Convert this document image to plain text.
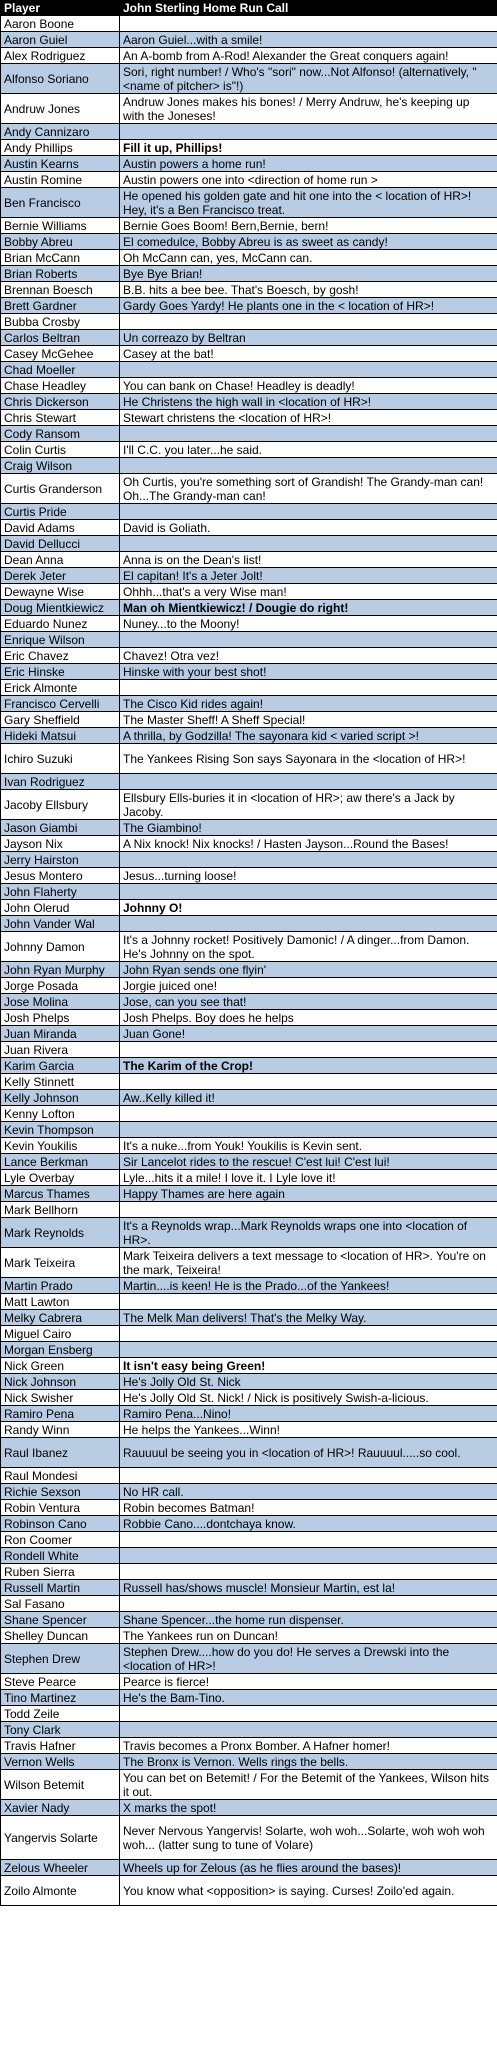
Player	John Sterling Home Run Call
Aaron Boone	
Aaron Guiel	Aaron Guiel...with a smile!
Alex Rodriguez	An A-bomb from A-Rod! Alexander the Great conquers again!
Alfonso Soriano	Sori, right number! / Who's "sori" now...Not Alfonso! (alternatively, "<name of pitcher> is"!)
Andruw Jones	Andruw Jones makes his bones! / Merry Andruw, he's keeping up with the Joneses!
Andy Cannizaro	
Andy Phillips	Fill it up, Phillips!
Austin Kearns	Austin powers a home run!
Austin Romine	Austin powers one into <direction of home run >
Ben Francisco	He opened his golden gate and hit one into the < location of HR>! Hey, it's a Ben Francisco treat.
Bernie Williams	Bernie Goes Boom! Bern,Bernie, bern!
Bobby Abreu	El comedulce, Bobby Abreu is as sweet as candy!
Brian McCann	Oh McCann can, yes, McCann can.
Brian Roberts	Bye Bye Brian!
Brennan Boesch	B.B. hits a bee bee. That's Boesch, by gosh!
Brett Gardner	Gardy Goes Yardy! He plants one in the < location of HR>!
Bubba Crosby	
Carlos Beltran	Un correazo by Beltran
Casey McGehee	Casey at the bat!
Chad Moeller	
Chase Headley	You can bank on Chase! Headley is deadly!
Chris Dickerson	He Christens the high wall in <location of HR>!
Chris Stewart	Stewart christens the <location of HR>!
Cody Ransom	
Colin Curtis	I'll C.C. you later...he said.
Craig Wilson	
Curtis Granderson	Oh Curtis, you're something sort of Grandish! The Grandy-man can! Oh...The Grandy-man can!
Curtis Pride	
David Adams	David is Goliath.
David Dellucci	
Dean Anna	Anna is on the Dean's list!
Derek Jeter	El capitan! It's a Jeter Jolt!
Dewayne Wise	Ohhh...that's a very Wise man!
Doug Mientkiewicz	Man oh Mientkiewicz! / Dougie do right!
Eduardo Nunez	Nuney...to the Moony!
Enrique Wilson	
Eric Chavez	Chavez! Otra vez!
Eric Hinske	Hinske with your best shot!
Erick Almonte	
Francisco Cervelli	The Cisco Kid rides again!
Gary Sheffield	The Master Sheff! A Sheff Special!
Hideki Matsui	A thrilla, by Godzilla! The sayonara kid < varied script >!
Ichiro Suzuki	The Yankees Rising Son says Sayonara in the <location of HR>!
Ivan Rodriguez	
Jacoby Ellsbury	Ellsbury Ells-buries it in <location of HR>; aw there's a Jack by Jacoby.
Jason Giambi	The Giambino!
Jayson Nix	A Nix knock! Nix knocks! / Hasten Jayson...Round the Bases!
Jerry Hairston	
Jesus Montero	Jesus...turning loose!
John Flaherty	
John Olerud	Johnny O!
John Vander Wal	
Johnny Damon	It's a Johnny rocket! Positively Damonic! / A dinger...from Damon. He's Johnny on the spot.
John Ryan Murphy	John Ryan sends one flyin'
Jorge Posada	Jorgie juiced one!
Jose Molina	Jose, can you see that!
Josh Phelps	Josh Phelps. Boy does he helps
Juan Miranda	Juan Gone!
Juan Rivera	
Karim Garcia	The Karim of the Crop!
Kelly Stinnett	
Kelly Johnson	Aw..Kelly killed it!
Kenny Lofton	
Kevin Thompson	
Kevin Youkilis	It's a nuke...from Youk! Youkilis is Kevin sent.
Lance Berkman	Sir Lancelot rides to the rescue! C'est lui! C'est lui!
Lyle Overbay	Lyle...hits it a mile! I love it. I Lyle love it!
Marcus Thames	Happy Thames are here again
Mark Bellhorn	
Mark Reynolds	It's a Reynolds wrap...Mark Reynolds wraps one into <location of HR>.
Mark Teixeira	Mark Teixeira delivers a text message to <location of HR>. You're on the mark, Teixeira!
Martin Prado	Martin....is keen! He is the Prado...of the Yankees!
Matt Lawton	
Melky Cabrera	The Melk Man delivers! That's the Melky Way.
Miguel Cairo	
Morgan Ensberg	
Nick Green	It isn't easy being Green!
Nick Johnson	He's Jolly Old St. Nick
Nick Swisher	He's Jolly Old St. Nick! / Nick is positively Swish-a-licious.
Ramiro Pena	Ramiro Pena...Nino!
Randy Winn	He helps the Yankees...Winn!
Raul Ibanez	Rauuuul be seeing you in <location of HR>! Rauuuul.....so cool.
Raul Mondesi	
Richie Sexson	No HR call.
Robin Ventura	Robin becomes Batman!
Robinson Cano	Robbie Cano....dontchaya know.
Ron Coomer	
Rondell White	
Ruben Sierra	
Russell Martin	Russell has/shows muscle! Monsieur Martin, est la!
Sal Fasano	
Shane Spencer	Shane Spencer...the home run dispenser.
Shelley Duncan	The Yankees run on Duncan!
Stephen Drew	Stephen Drew....how do you do! He serves a Drewski into the <location of HR>!
Steve Pearce	Pearce is fierce!
Tino Martinez	He's the Bam-Tino.
Todd Zeile	
Tony Clark	
Travis Hafner	Travis becomes a Pronx Bomber. A Hafner homer!
Vernon Wells	The Bronx is Vernon. Wells rings the bells.
Wilson Betemit	You can bet on Betemit! / For the Betemit of the Yankees, Wilson hits it out.
Xavier Nady	X marks the spot!
Yangervis Solarte	Never Nervous Yangervis! Solarte, woh woh...Solarte, woh woh woh woh... (latter sung to tune of Volare)
Zelous Wheeler	Wheels up for Zelous (as he flies around the bases)!
Zoilo Almonte	You know what <opposition> is saying. Curses! Zoilo'ed again.
